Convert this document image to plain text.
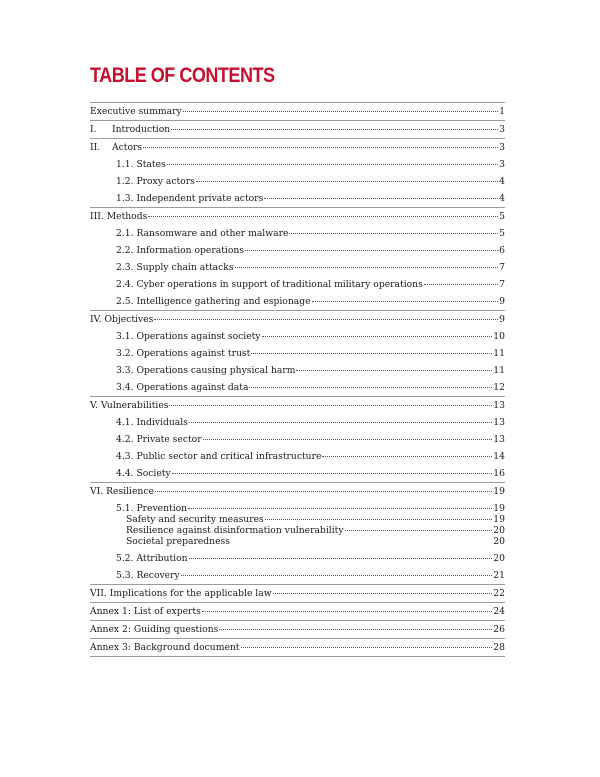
TABLE OF CONTENTS
Executive summary	1
I.	Introduction	3
II.	Actors	3
1.1. States	3
1.2. Proxy actors	4
1.3. Independent private actors	4
III. Methods	5
2.1. Ransomware and other malware	5
2.2. Information operations	6
2.3. Supply chain attacks	7
2.4. Cyber operations in support of traditional military operations	7
2.5. Intelligence gathering and espionage	9
IV. Objectives	9
3.1. Operations against society	10
3.2. Operations against trust	11
3.3. Operations causing physical harm	11
3.4. Operations against data	12
V. Vulnerabilities	13
4.1. Individuals	13
4.2. Private sector	13
4.3. Public sector and critical infrastructure	14
4.4. Society	16
VI. Resilience	19
5.1. Prevention	19
Safety and security measures	19
Resilience against disinformation vulnerability	20
Societal preparedness	20
5.2. Attribution	20
5.3. Recovery	21
VII. Implications for the applicable law	22
Annex 1: List of experts	24
Annex 2: Guiding questions	26
Annex 3: Background document	28
